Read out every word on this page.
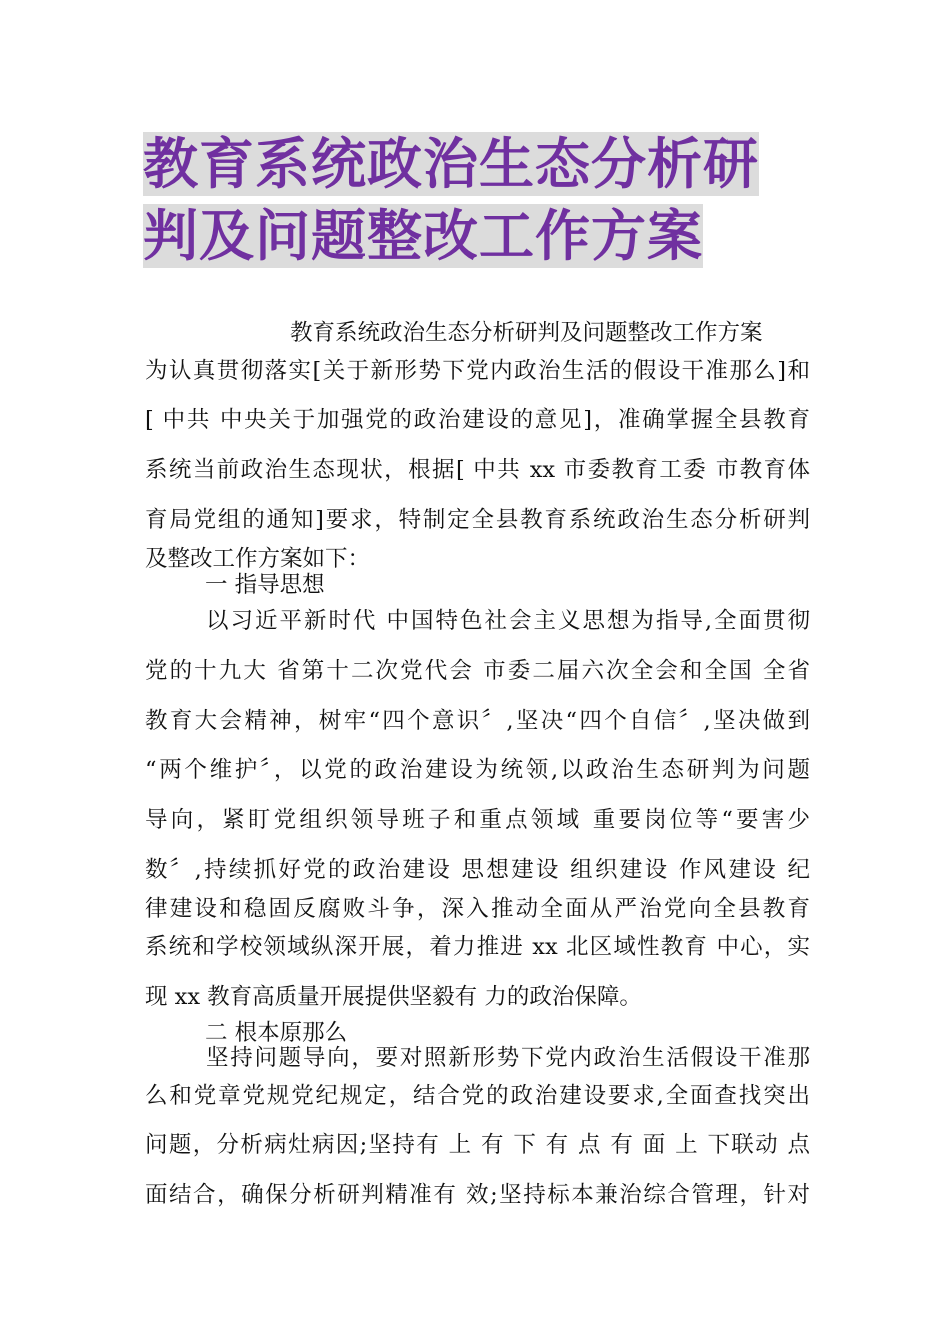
教育系统政治生态分析研
判及问题整改工作方案
教育系统政治生态分析研判及问题整改工作方案
为认真贯彻落实[关于新形势下党内政治生活的假设干准那么]和
[ 中共 中央关于加强党的政治建设的意见]，准确掌握全县教育
系统当前政治生态现状，根据[ 中共 xx 市委教育工委 市教育体
育局党组的通知]要求，特制定全县教育系统政治生态分析研判
及整改工作方案如下：
一 指导思想
以习近平新时代 中国特色社会主义思想为指导,全面贯彻
党的十九大 省第十二次党代会 市委二届六次全会和全国 全省
教育大会精神，树牢“四个意识〞,坚决“四个自信〞,坚决做到
“两个维护〞，以党的政治建设为统领,以政治生态研判为问题
导向，紧盯党组织领导班子和重点领域 重要岗位等“要害少
数〞,持续抓好党的政治建设 思想建设 组织建设 作风建设 纪
律建设和稳固反腐败斗争，深入推动全面从严治党向全县教育
系统和学校领域纵深开展，着力推进 xx 北区域性教育 中心，实
现 xx 教育高质量开展提供坚毅有 力的政治保障。
二 根本原那么
坚持问题导向，要对照新形势下党内政治生活假设干准那
么和党章党规党纪规定，结合党的政治建设要求,全面查找突出
问题，分析病灶病因;坚持有 上 有 下 有 点 有 面 上 下联动 点
面结合，确保分析研判精准有 效;坚持标本兼治综合管理，针对
